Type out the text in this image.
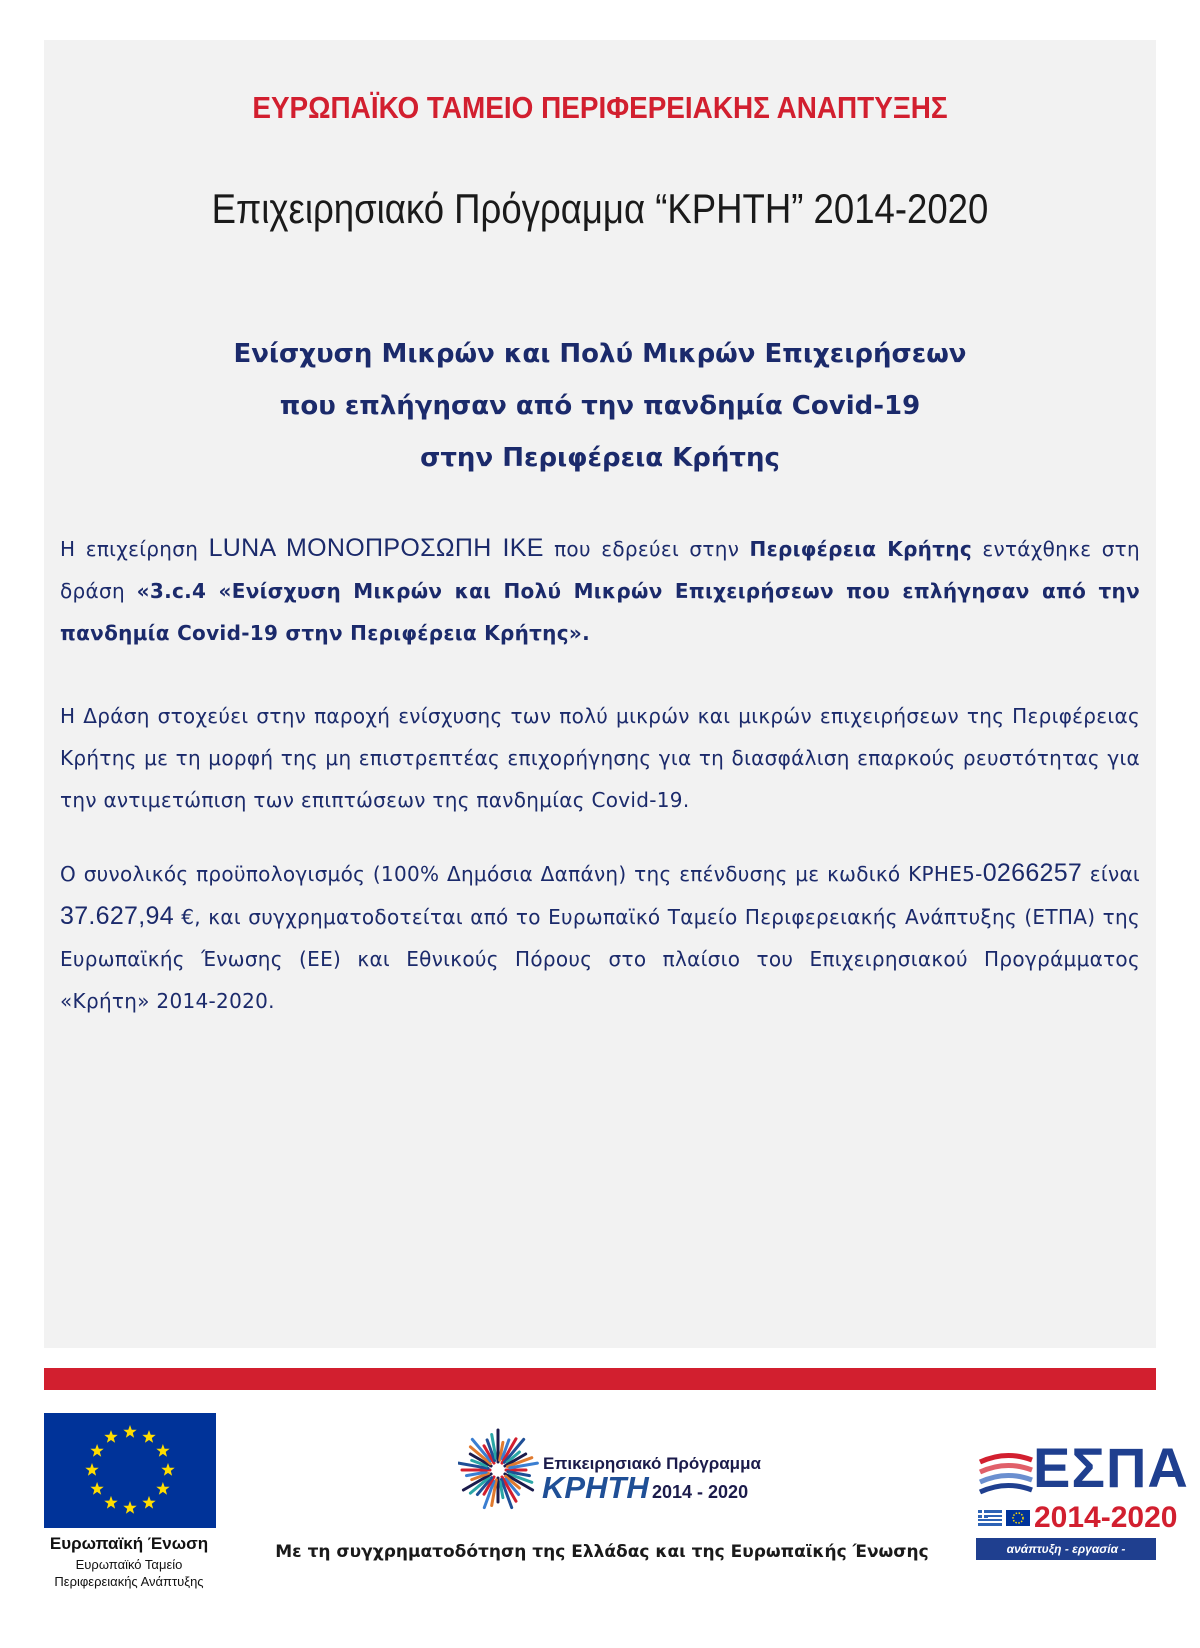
ΕΥΡΩΠΑΪΚΟ ΤΑΜΕΙΟ ΠΕΡΙΦΕΡΕΙΑΚΗΣ ΑΝΑΠΤΥΞΗΣ
Επιχειρησιακό Πρόγραμμα “ΚΡΗΤΗ” 2014-2020
Ενίσχυση Μικρών και Πολύ Μικρών Επιχειρήσεων
που επλήγησαν από την πανδημία Covid-19
στην Περιφέρεια Κρήτης

Η επιχείρηση LUNA ΜΟΝΟΠΡΟΣΩΠΗ ΙΚΕ που εδρεύει στην Περιφέρεια Κρήτης εντάχθηκε στη δράση «3.c.4 «Ενίσχυση Μικρών και Πολύ Μικρών Επιχειρήσεων που επλήγησαν από την πανδημία Covid-19 στην Περιφέρεια Κρήτης».

Η Δράση στοχεύει στην παροχή ενίσχυσης των πολύ μικρών και μικρών επιχειρήσεων της Περιφέρειας Κρήτης με τη μορφή της μη επιστρεπτέας επιχορήγησης για τη διασφάλιση επαρκούς ρευστότητας για την αντιμετώπιση των επιπτώσεων της πανδημίας Covid-19.

Ο συνολικός προϋπολογισμός (100% Δημόσια Δαπάνη) της επένδυσης με κωδικό ΚΡΗΕ5-0266257 είναι 37.627,94 €, και συγχρηματοδοτείται από το Ευρωπαϊκό Ταμείο Περιφερειακής Ανάπτυξης (ΕΤΠΑ) της Ευρωπαϊκής Ένωσης (ΕΕ) και Εθνικούς Πόρους στο πλαίσιο του Επιχειρησιακού Προγράμματος «Κρήτη» 2014-2020.

Ευρωπαϊκή Ένωση

Ευρωπαϊκό Ταμείο

Περιφερειακής Ανάπτυξης

Επικειρησιακό Πρόγραμμα

ΚΡΗΤΗ 2014 - 2020

Με τη συγχρηματοδότηση της Ελλάδας και της Ευρωπαϊκής Ένωσης

ΕΣΠΑ

2014-2020

ανάπτυξη - εργασία - αλληλεγγύη
